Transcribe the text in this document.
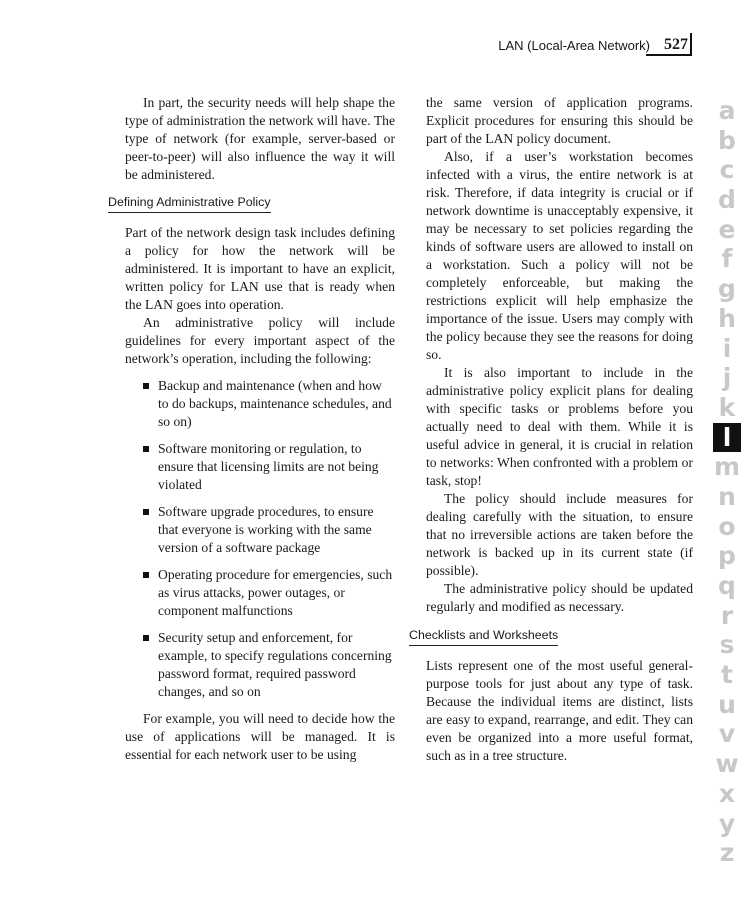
LAN (Local-Area Network) 527

In part, the security needs will help shape the type of administration the network will have. The type of network (for example, server-based or peer-to-peer) will also influence the way it will be administered.

Defining Administrative Policy

Part of the network design task includes defining a policy for how the network will be administered. It is important to have an explicit, written policy for LAN use that is ready when the LAN goes into operation.

An administrative policy will include guidelines for every important aspect of the network’s operation, including the following:

Backup and maintenance (when and how to do backups, maintenance schedules, and so on)
Software monitoring or regulation, to ensure that licensing limits are not being violated
Software upgrade procedures, to ensure that everyone is working with the same version of a software package
Operating procedure for emergencies, such as virus attacks, power outages, or component malfunctions
Security setup and enforcement, for example, to specify regulations concerning password format, required password changes, and so on

For example, you will need to decide how the use of applications will be managed. It is essential for each network user to be using

the same version of application programs. Explicit procedures for ensuring this should be part of the LAN policy document.

Also, if a user’s workstation becomes infected with a virus, the entire network is at risk. Therefore, if data integrity is crucial or if network downtime is unacceptably expensive, it may be necessary to set policies regarding the kinds of software users are allowed to install on a workstation. Such a policy will not be completely enforceable, but making the restrictions explicit will help emphasize the importance of the issue. Users may comply with the policy because they see the reasons for doing so.

It is also important to include in the administrative policy explicit plans for dealing with specific tasks or problems before you actually need to deal with them. While it is useful advice in general, it is crucial in relation to networks: When confronted with a problem or task, stop!

The policy should include measures for dealing carefully with the situation, to ensure that no irreversible actions are taken before the network is backed up in its current state (if possible).

The administrative policy should be updated regularly and modified as necessary.

Checklists and Worksheets

Lists represent one of the most useful general-purpose tools for just about any type of task. Because the individual items are distinct, lists are easy to expand, rearrange, and edit. They can even be organized into a more useful format, such as in a tree structure.

a
b
c
d
e
f
g
h
i
j
k
l
m
n
o
p
q
r
s
t
u
v
w
x
y
z
